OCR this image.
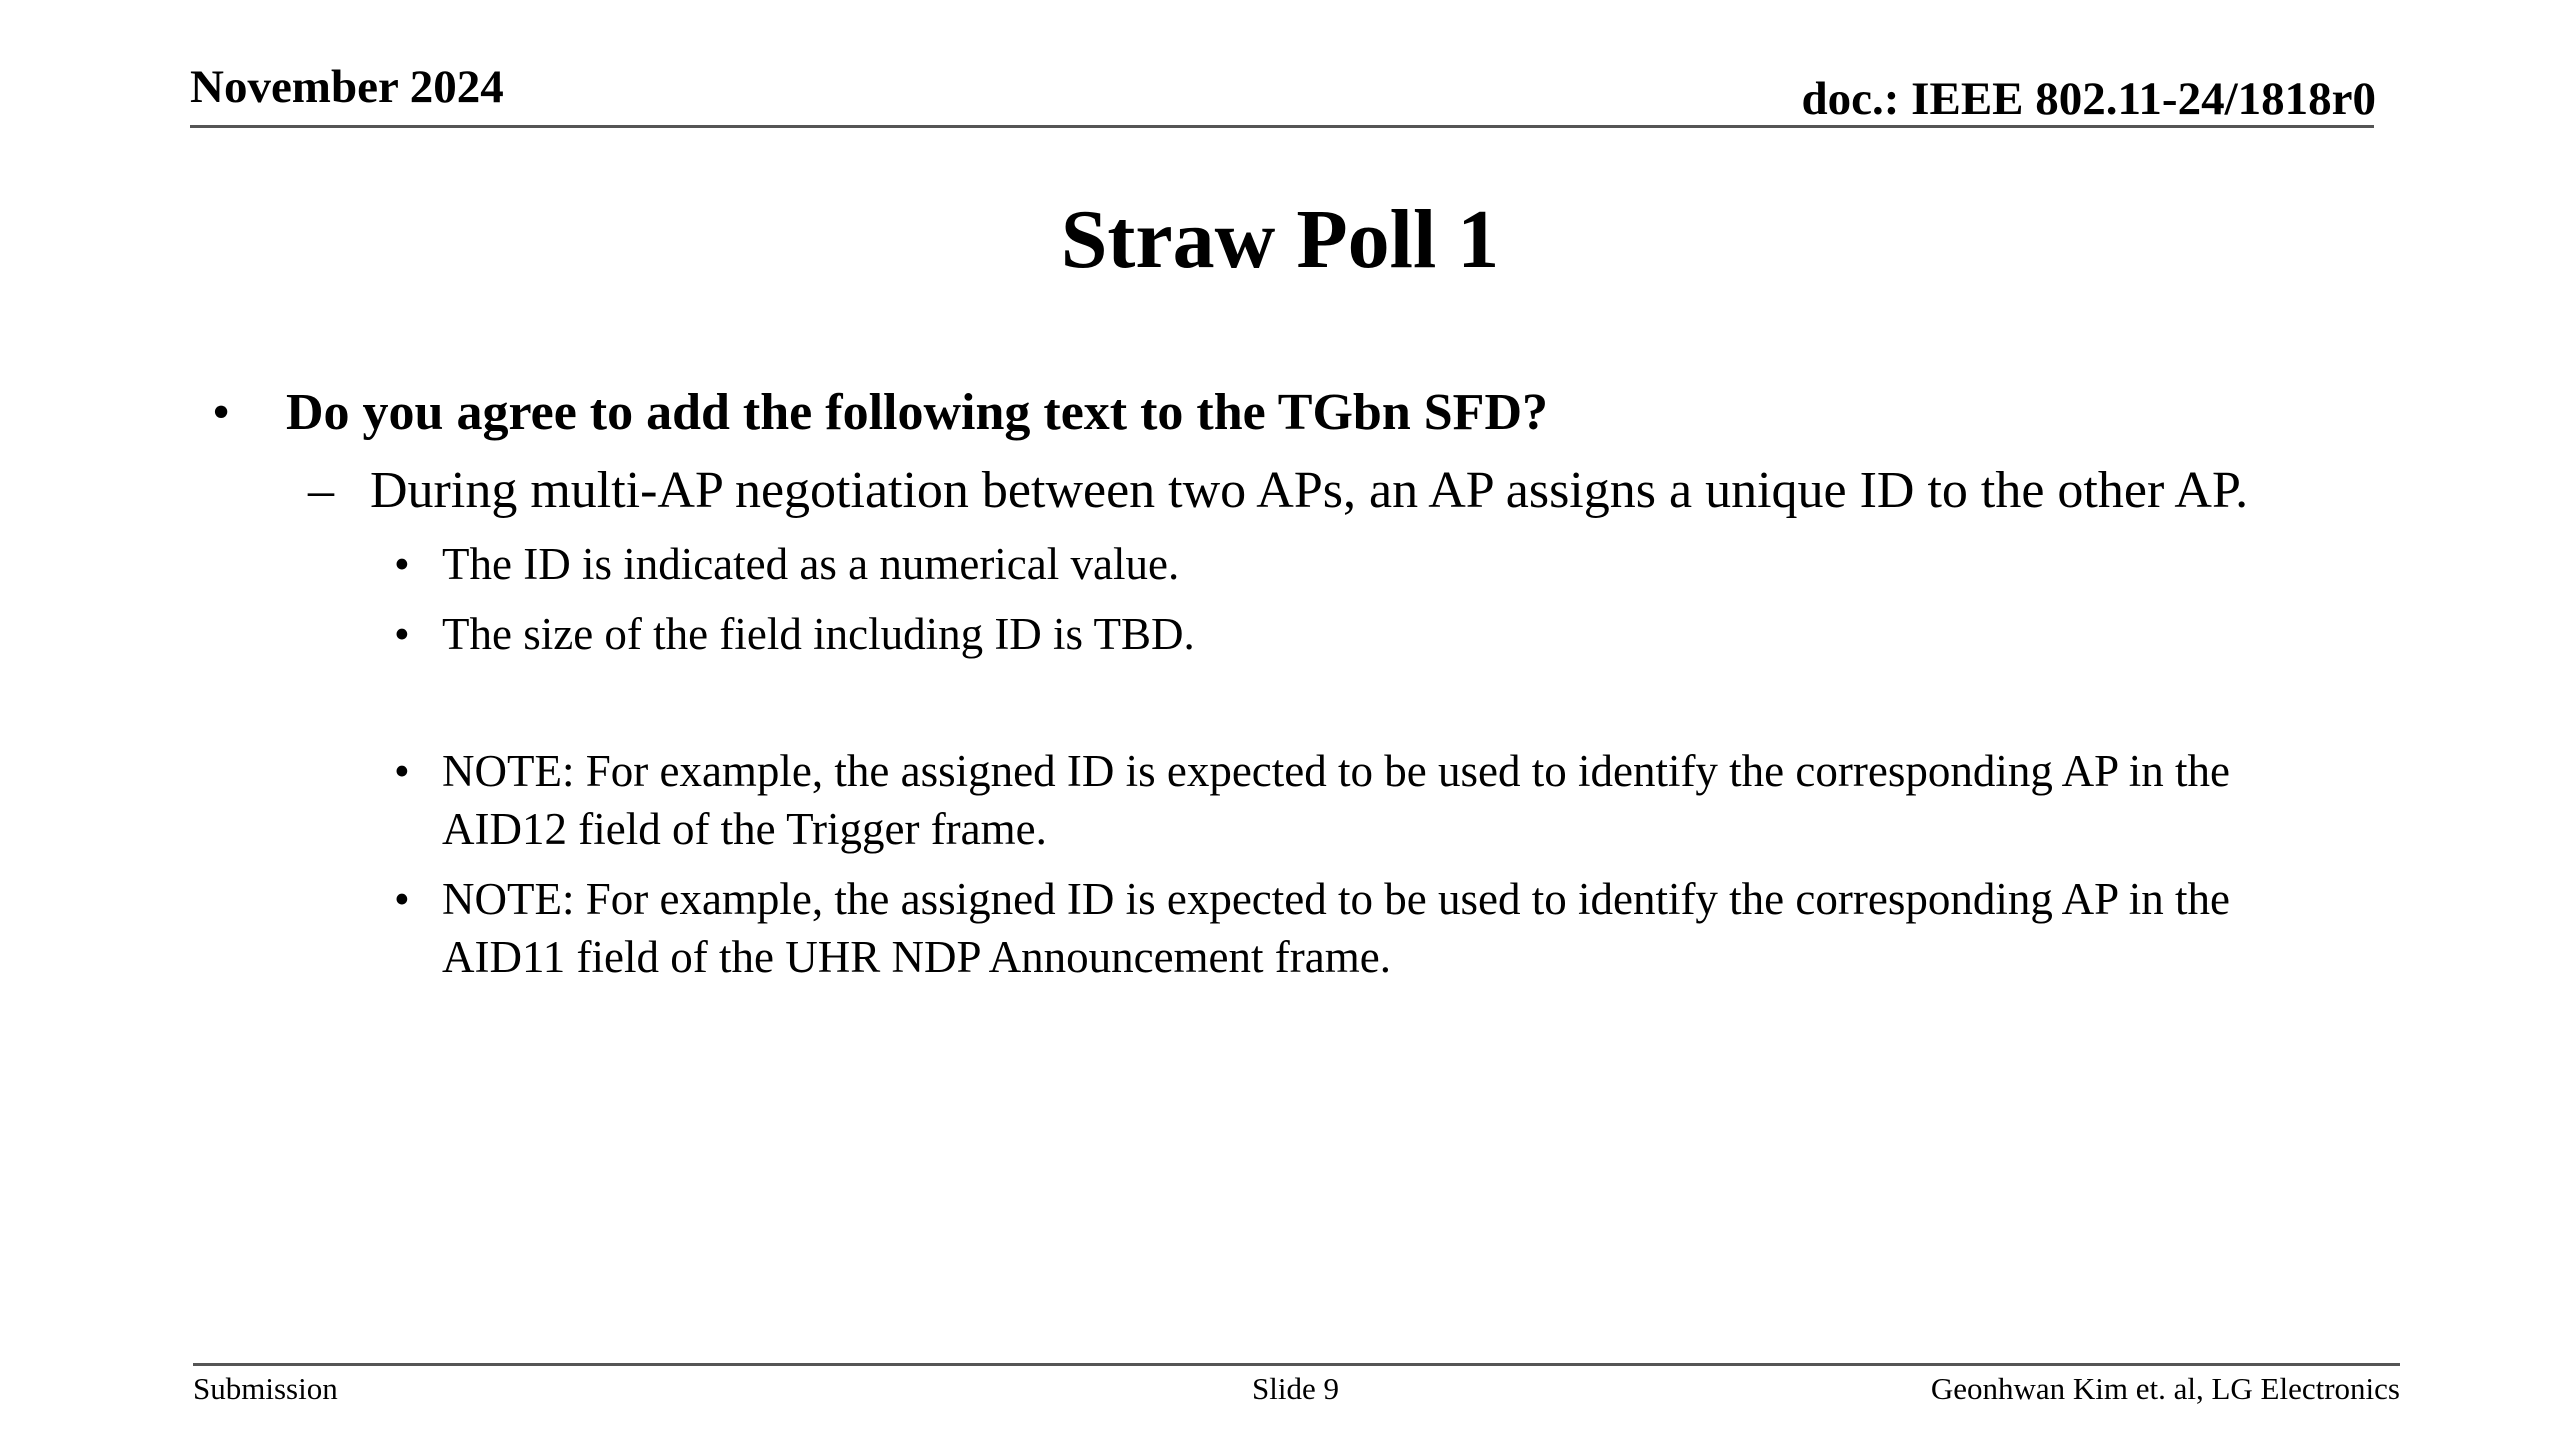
November 2024	doc.: IEEE 802.11-24/1818r0
Straw Poll 1
•	Do you agree to add the following text to the TGbn SFD?
– During multi-AP negotiation between two APs, an AP assigns a unique ID to the other AP.
• The ID is indicated as a numerical value.
• The size of the field including ID is TBD.
• NOTE: For example, the assigned ID is expected to be used to identify the corresponding AP in the AID12 field of the Trigger frame.
• NOTE: For example, the assigned ID is expected to be used to identify the corresponding AP in the AID11 field of the UHR NDP Announcement frame.
Submission	Slide 9	Geonhwan Kim et. al, LG Electronics
